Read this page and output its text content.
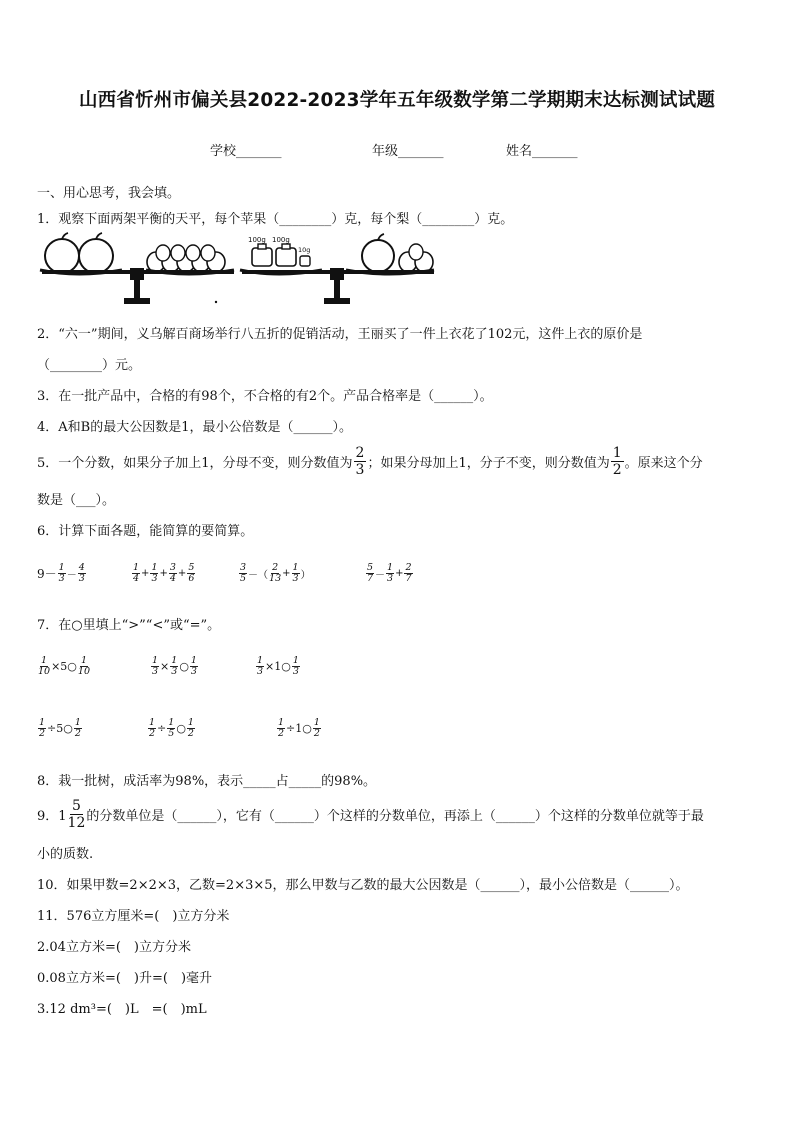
山西省忻州市偏关县2022-2023学年五年级数学第二学期期末达标测试试题
学校_______	年级_______	姓名_______
一、用心思考，我会填。
1．观察下面两架平衡的天平，每个苹果（________）克，每个梨（________）克。
100g 100g
10g
2．“六一”期间，义乌解百商场举行八五折的促销活动，王丽买了一件上衣花了102元，这件上衣的原价是
（________）元。
3．在一批产品中，合格的有98个，不合格的有2个。产品合格率是（______）。
4．A和B的最大公因数是1，最小公倍数是（______）。
5．一个分数，如果分子加上1，分母不变，则分数值为 $\frac{2}{3}$ ；如果分母加上1，分子不变，则分数值为 $\frac{1}{2}$ 。原来这个分
数是（___）。
6．计算下面各题，能简算的要简算。
9－ 1
3 －
4
3
1
$4 + \frac{1}{3} + \frac{3}{4} + \frac{5}{6}$	3
5 －（
2
$13 + \frac{1}{3}$ ）
5
7 －
1
$3 + \frac{2}{7}$
7．在○里填上“>”“<”或“=”。
$\frac{1}{10}$ ×5○ 1
10	$\frac{1}{3} \times \frac{1}{3}$ ○ 1
3	$\frac{1}{3}$ ×1○ 1
3
$\frac{1}{2}$ ÷5○ 1
2	$\frac{1}{2} \div \frac{1}{5}$ ○ 1
2	$\frac{1}{2}$ ÷1○ 1
2
8．栽一批树，成活率为98%，表示_____占_____的98%。
9．$1 \frac{5}{12}$ 的分数单位是（______），它有（______）个这样的分数单位，再添上（______）个这样的分数单位就等于最
小的质数.
10．如果甲数=2×2×3，乙数=2×3×5，那么甲数与乙数的最大公因数是（______），最小公倍数是（______）。
11．576立方厘米=(　)立方分米
2.04立方米=(　)立方分米
0.08立方米=(　)升=(　)毫升
3.12 dm³=(　)L　=(　)mL
